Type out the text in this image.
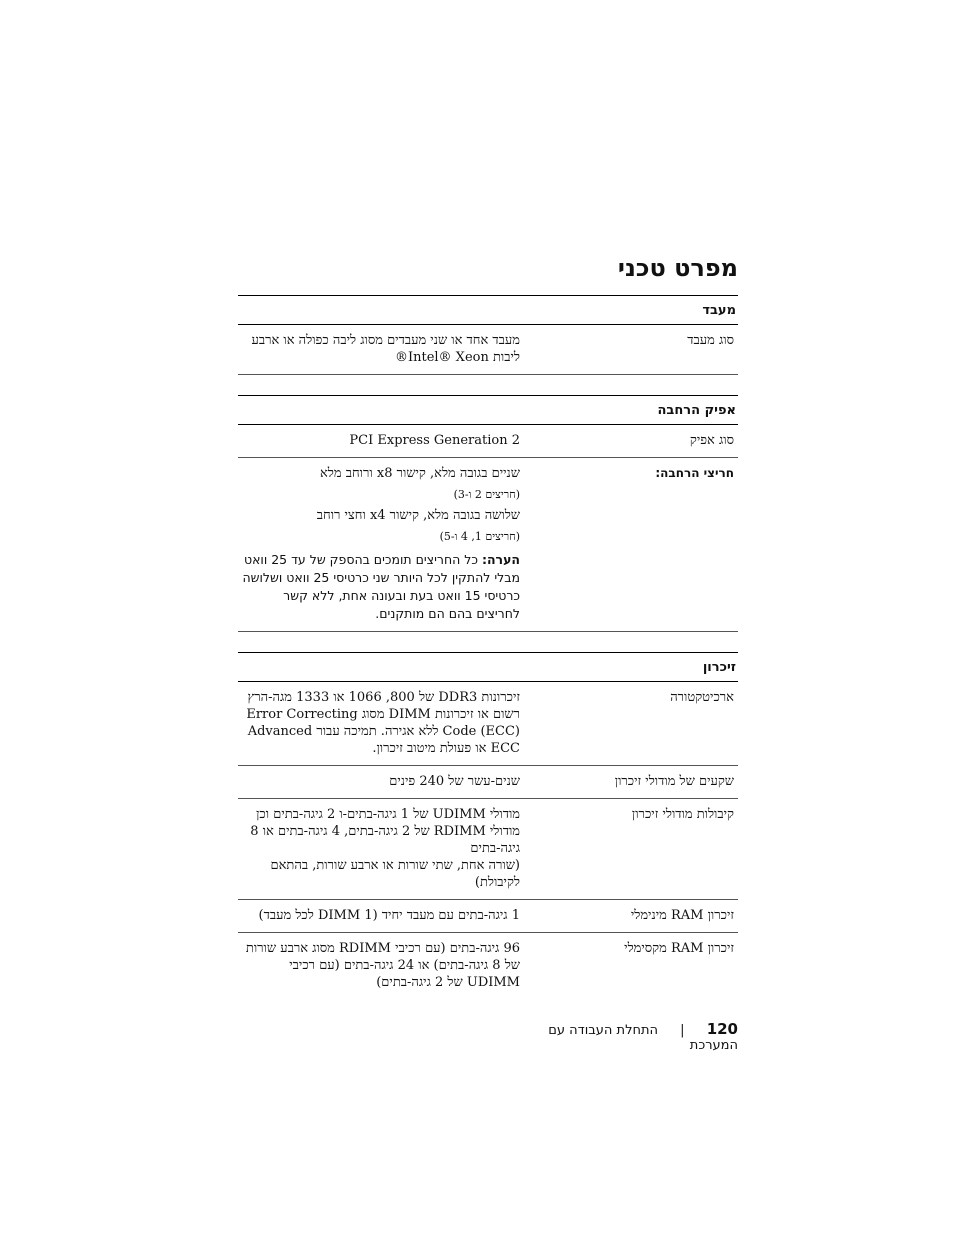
מפרט טכני
מעבד
סוג מעבד
מעבד אחד או שני מעבדים מסוג ליבה כפולה או ארבע ליבות Intel® Xeon®
אפיק הרחבה
סוג אפיק
PCI Express Generation 2
חריצי הרחבה:
שניים בגובה מלא, קישור x8 ורוחב מלא
(חריצים 2 ו-3)
שלושה בגובה מלא, קישור x4 וחצי רוחב
(חריצים 1, 4 ו-5)
הערה: כל החריצים תומכים בהספק של עד 25 וואט מבלי להתקין לכל היותר שני כרטיסי 25 וואט ושלושה כרטיסי 15 וואט בעת ובעונה אחת, ללא קשר לחריצים בהם הם מותקנים.
זיכרון
ארכיטקטורה
זיכרונות DDR3 של 800, 1066 או 1333 מגה-הרץ רשום או זיכרונות DIMM מסוג Error Correcting Code (ECC) ללא אגירה. תמיכה עבור Advanced ECC או פעולת מיטוב זיכרון.
שקעים של מודולי זיכרון
שנים-עשר של 240 פינים
קיבולות מודולי זיכרון
מודולי UDIMM של 1 גיגה-בתים-ו 2 גיגה-בתים וכן
מודולי RDIMM של 2 גיגה-בתים, 4 גיגה-בתים או 8 גיגה-בתים
(שורה אחת, שתי שורות או ארבע שורות, בהתאם לקיבולת)
זיכרון RAM מינימלי
1 גיגה-בתים עם מעבד יחיד (1 DIMM לכל מעבד)
זיכרון RAM מקסימלי
96 גיגה-בתים (עם רכיבי RDIMM מסוג ארבע שורות של 8 גיגה-בתים) או 24 גיגה-בתים (עם רכיבי UDIMM של 2 גיגה-בתים)
120 | התחלת העבודה עם המערכת
